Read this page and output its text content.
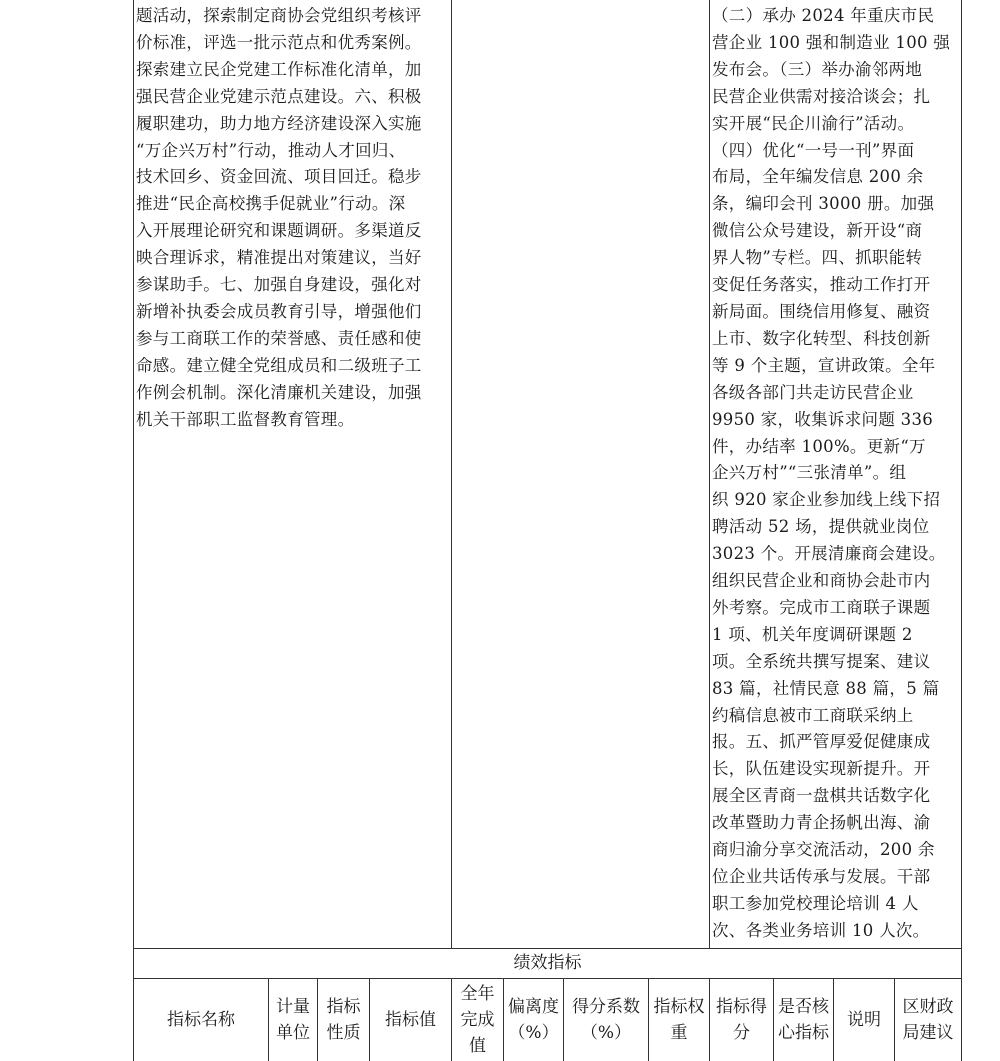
题活动，探索制定商协会党组织考核评
价标准，评选一批示范点和优秀案例。
探索建立民企党建工作标准化清单，加
强民营企业党建示范点建设。六、积极
履职建功，助力地方经济建设深入实施
“万企兴万村”行动，推动人才回归、
技术回乡、资金回流、项目回迁。稳步
推进“民企高校携手促就业”行动。深
入开展理论研究和课题调研。多渠道反
映合理诉求，精准提出对策建议，当好
参谋助手。七、加强自身建设，强化对
新增补执委会成员教育引导，增强他们
参与工商联工作的荣誉感、责任感和使
命感。建立健全党组成员和二级班子工
作例会机制。深化清廉机关建设，加强
机关干部职工监督教育管理。
（二）承办 2024 年重庆市民
营企业 100 强和制造业 100 强
发布会。（三）举办渝邻两地
民营企业供需对接洽谈会；扎
实开展“民企川渝行”活动。
（四）优化“一号一刊”界面
布局，全年编发信息 200 余
条，编印会刊 3000 册。加强
微信公众号建设，新开设“商
界人物”专栏。四、抓职能转
变促任务落实，推动工作打开
新局面。围绕信用修复、融资
上市、数字化转型、科技创新
等 9 个主题，宣讲政策。全年
各级各部门共走访民营企业
9950 家，收集诉求问题 336
件，办结率 100%。更新“万
企兴万村”“三张清单”。组
织 920 家企业参加线上线下招
聘活动 52 场，提供就业岗位
3023 个。开展清廉商会建设。
组织民营企业和商协会赴市内
外考察。完成市工商联子课题
1 项、机关年度调研课题 2
项。全系统共撰写提案、建议
83 篇，社情民意 88 篇，5 篇
约稿信息被市工商联采纳上
报。五、抓严管厚爱促健康成
长，队伍建设实现新提升。开
展全区青商一盘棋共话数字化
改革暨助力青企扬帆出海、渝
商归渝分享交流活动，200 余
位企业共话传承与发展。干部
职工参加党校理论培训 4 人
次、各类业务培训 10 人次。
绩效指标
指标名称
计量
单位
指标
性质
指标值
全年
完成
值
偏离度
（%）
得分系数
（%）
指标权
重
指标得
分
是否核
心指标
说明
区财政
局建议
